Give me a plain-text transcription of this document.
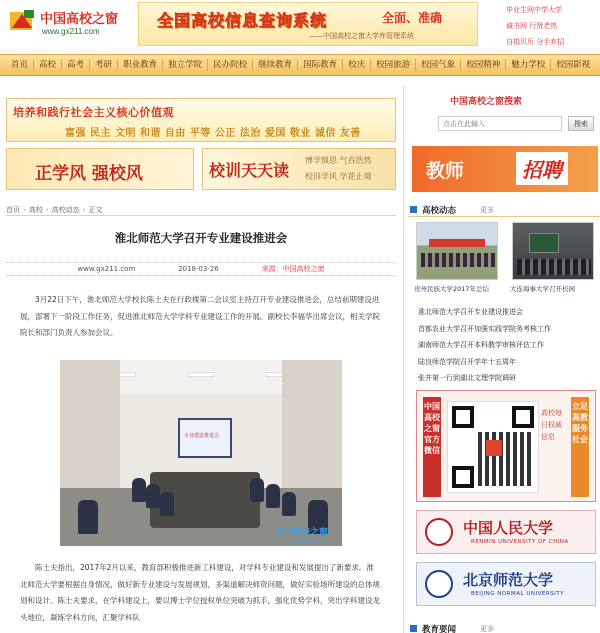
中国高校之窗
www.gx211.com
全国高校信息查询系统	全面、准确
——中国高校之窗大学库管理系统
毕业生网中学大学
诚书网 行贤老热
自捐贝历 分手弃招
首页	高校	高考	考研	职业教育	独立学院	民办院校	继续教育	国际教育	校庆	校园旅游	校园气象	校园精神	魅力学校	校园影视
培养和践行社会主义核心价值观
富强 民主 文明 和谐 自由 平等 公正 法治 爱国 敬业 诚信 友善
正学风 强校风	校训天天读
博学慎思 气吞浩然
校训学风 学花止境
首页 › 高校 › 高校动态 › 正文
淮北师范大学召开专业建设推进会
www.gx211.com	2018-03-26	来源：中国高校之窗

3月22日下午，淮北师范大学校长陈士夫在行政楼第二会议室主持召开专业建设推进会，总结前期建设进展，部署下一阶段工作任务，促进淮北师范大学学科专业建设工作的开展。副校长李福华出席会议，相关学院院长和部门负责人参加会议。

专业建设推进会
中国高校之窗
www.gx211.com

陈士夫指出，2017年2月以来，教育部积极推进新工科建设，对学科专业建设和发展提出了新要求。淮北师范大学要根据自身情况，做好新专业建设与发展规划，多渠道解决师资问题，做好实验场所建设的总体规划和设计。陈士夫要求，在学科建设上，要以博士学位授权单位突破为抓手，强化优势学科，突出学科建设龙头地位，凝练学科方向，汇聚学科队

中国高校之窗搜索
点击在此输入
搜索
教师	招聘
高校动态	更多
贵州民族大学2017年总结	大连海事大学召开校园
淮北师范大学召开专业建设推进会
首都农业大学召开加强实践学院务考核工作
湖南师范大学召开本科教学审核评估工作
陆良师范学院召开学年十五周年
张井第一行到湖北文理学院调研
中国高校之窗官方微信
高校每日权威信息
立足高教服务社会
中国人民大学
RENMIN UNIVERSITY OF CHINA
北京师范大学
BEIJING NORMAL UNIVERSITY
教育要闻	更多
